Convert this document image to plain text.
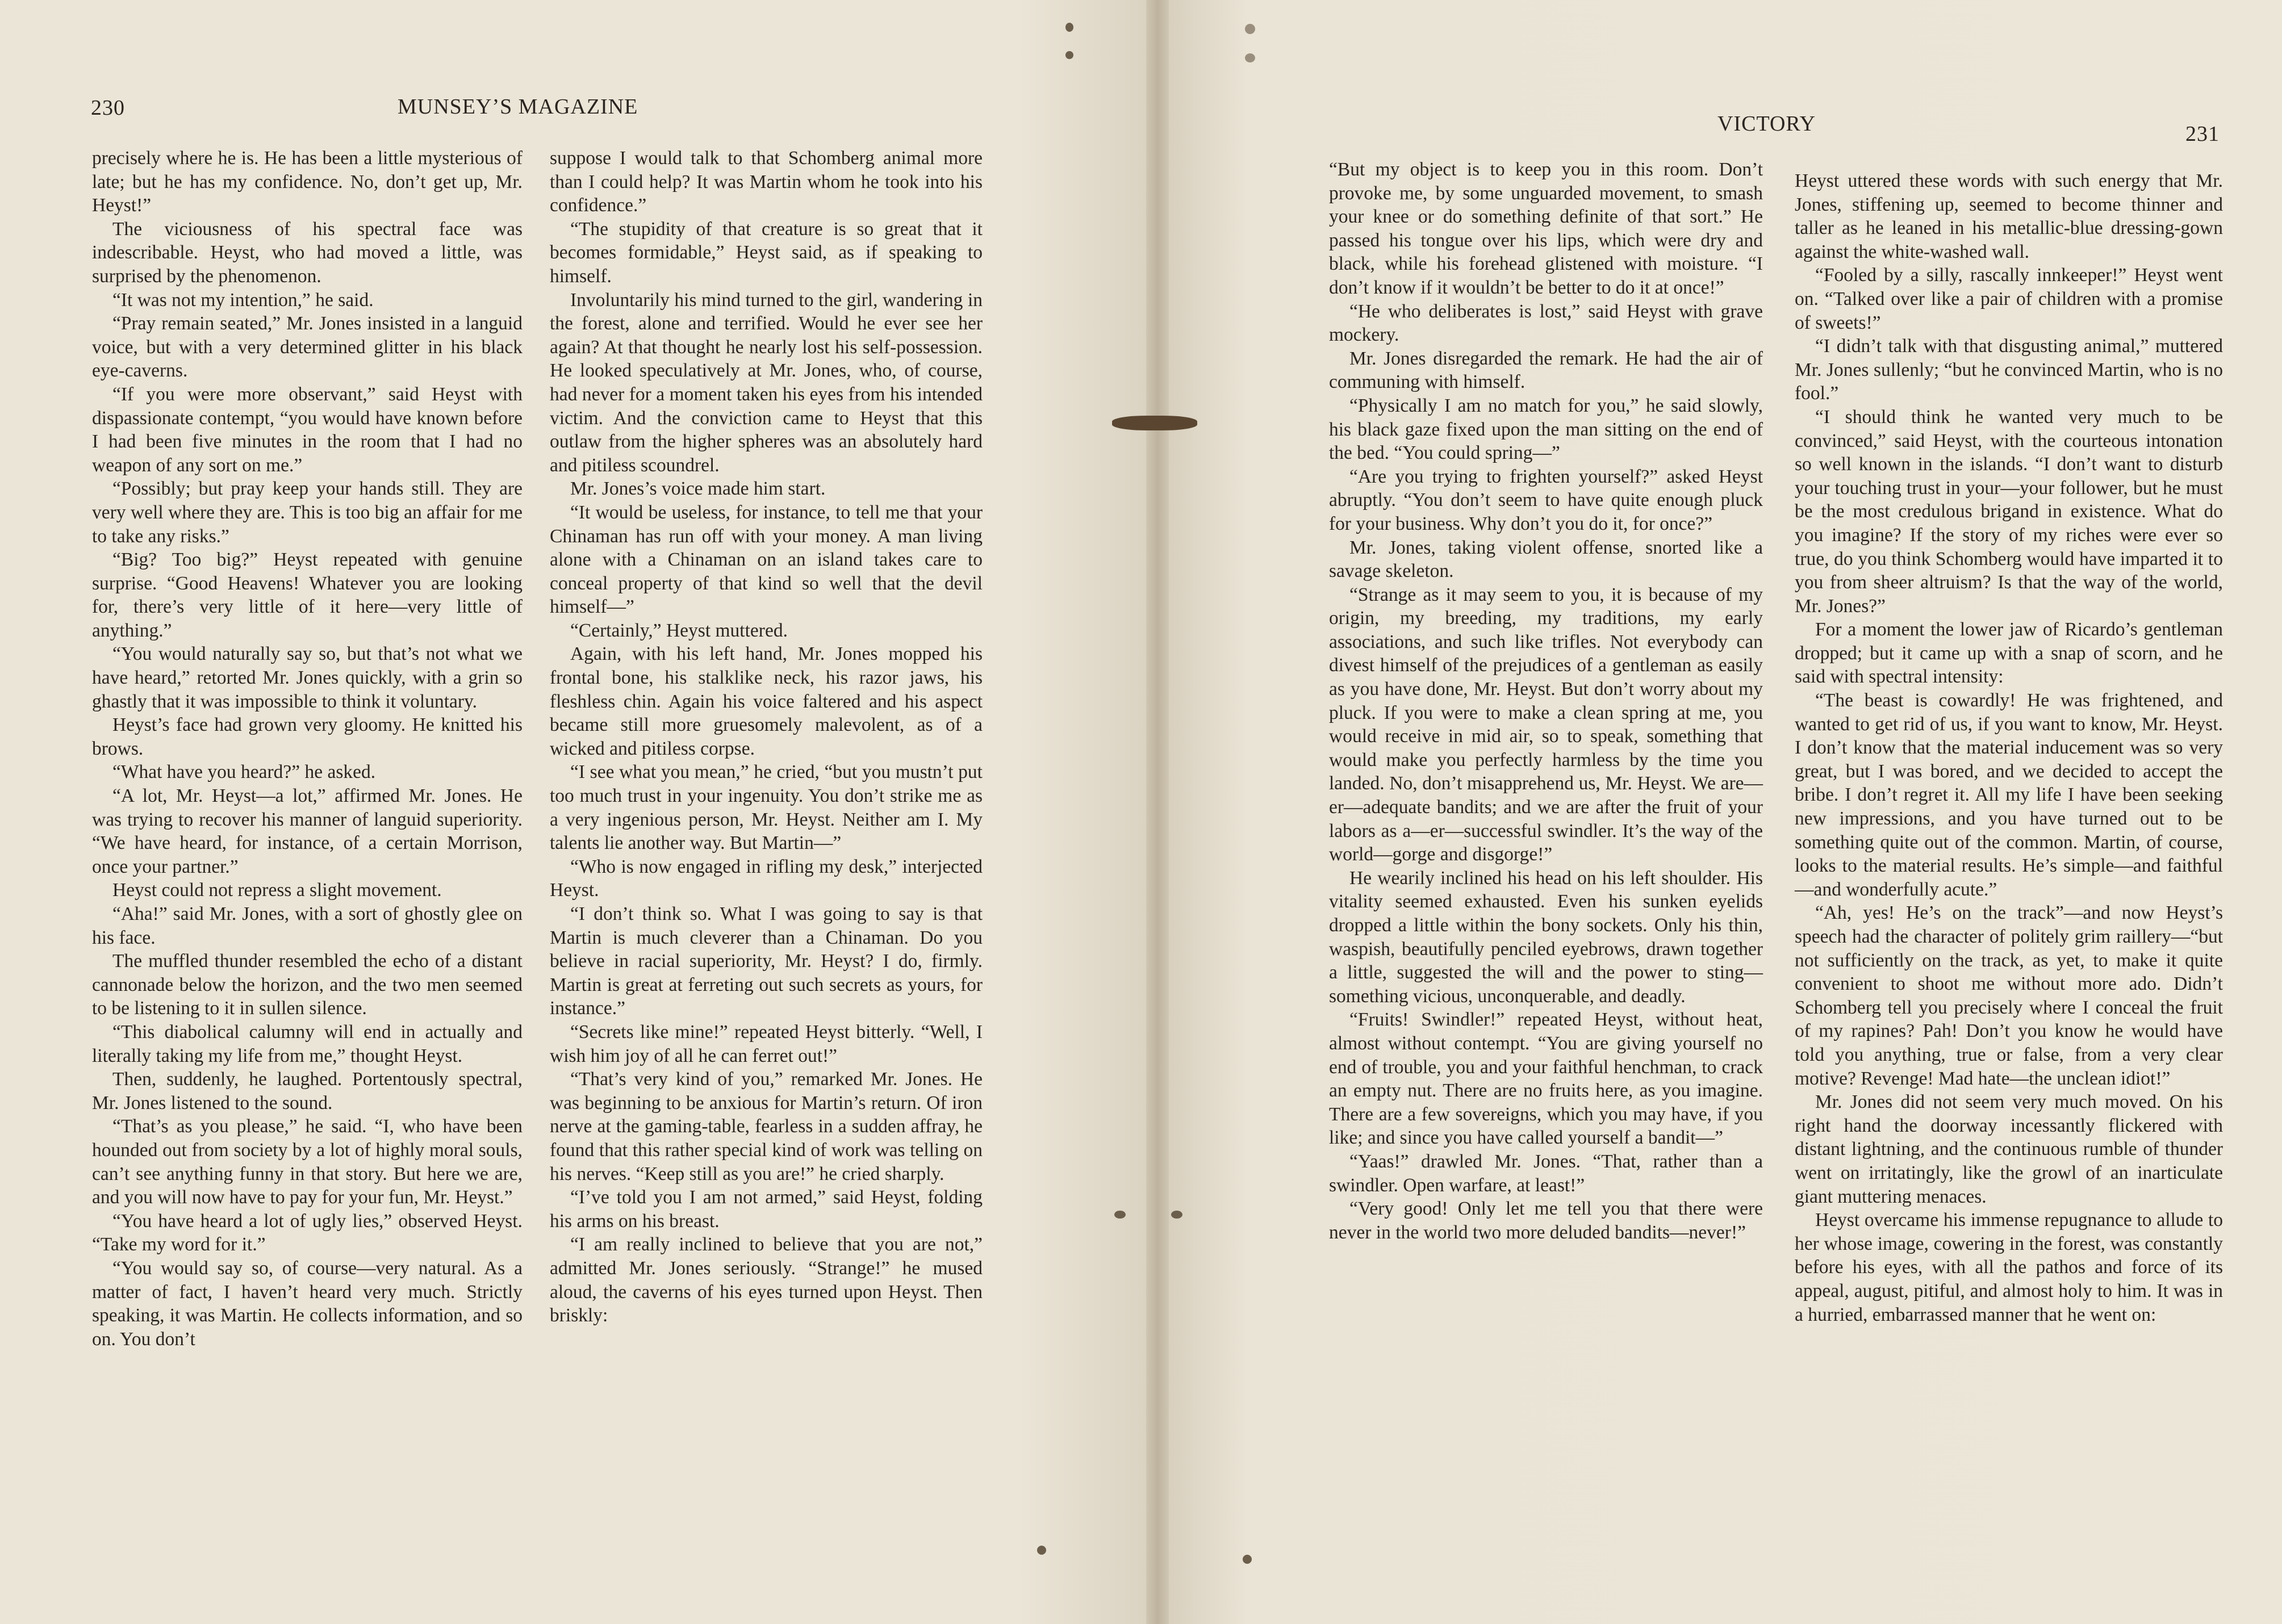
230	MUNSEY’S MAGAZINE
VICTORY	231

precisely where he is. He has been a little mysterious of late; but he has my confidence. No, don’t get up, Mr. Heyst!”

The viciousness of his spectral face was indescribable. Heyst, who had moved a little, was surprised by the phenomenon.

“It was not my intention,” he said.

“Pray remain seated,” Mr. Jones insisted in a languid voice, but with a very determined glitter in his black eye-caverns.

“If you were more observant,” said Heyst with dispassionate contempt, “you would have known before I had been five minutes in the room that I had no weapon of any sort on me.”

“Possibly; but pray keep your hands still. They are very well where they are. This is too big an affair for me to take any risks.”

“Big? Too big?” Heyst repeated with genuine surprise. “Good Heavens! Whatever you are looking for, there’s very little of it here—very little of anything.”

“You would naturally say so, but that’s not what we have heard,” retorted Mr. Jones quickly, with a grin so ghastly that it was impossible to think it voluntary.

Heyst’s face had grown very gloomy. He knitted his brows.

“What have you heard?” he asked.

“A lot, Mr. Heyst—a lot,” affirmed Mr. Jones. He was trying to recover his manner of languid superiority. “We have heard, for instance, of a certain Morrison, once your partner.”

Heyst could not repress a slight movement.

“Aha!” said Mr. Jones, with a sort of ghostly glee on his face.

The muffled thunder resembled the echo of a distant cannonade below the horizon, and the two men seemed to be listening to it in sullen silence.

“This diabolical calumny will end in actually and literally taking my life from me,” thought Heyst.

Then, suddenly, he laughed. Portentously spectral, Mr. Jones listened to the sound.

“That’s as you please,” he said. “I, who have been hounded out from society by a lot of highly moral souls, can’t see anything funny in that story. But here we are, and you will now have to pay for your fun, Mr. Heyst.”

“You have heard a lot of ugly lies,” observed Heyst. “Take my word for it.”

“You would say so, of course—very natural. As a matter of fact, I haven’t heard very much. Strictly speaking, it was Martin. He collects information, and so on. You don’t

suppose I would talk to that Schomberg animal more than I could help? It was Martin whom he took into his confidence.”

“The stupidity of that creature is so great that it becomes formidable,” Heyst said, as if speaking to himself.

Involuntarily his mind turned to the girl, wandering in the forest, alone and terrified. Would he ever see her again? At that thought he nearly lost his self-possession. He looked speculatively at Mr. Jones, who, of course, had never for a moment taken his eyes from his intended victim. And the conviction came to Heyst that this outlaw from the higher spheres was an absolutely hard and pitiless scoundrel.

Mr. Jones’s voice made him start.

“It would be useless, for instance, to tell me that your Chinaman has run off with your money. A man living alone with a Chinaman on an island takes care to conceal property of that kind so well that the devil himself—”

“Certainly,” Heyst muttered.

Again, with his left hand, Mr. Jones mopped his frontal bone, his stalklike neck, his razor jaws, his fleshless chin. Again his voice faltered and his aspect became still more gruesomely malevolent, as of a wicked and pitiless corpse.

“I see what you mean,” he cried, “but you mustn’t put too much trust in your ingenuity. You don’t strike me as a very ingenious person, Mr. Heyst. Neither am I. My talents lie another way. But Martin—”

“Who is now engaged in rifling my desk,” interjected Heyst.

“I don’t think so. What I was going to say is that Martin is much cleverer than a Chinaman. Do you believe in racial superiority, Mr. Heyst? I do, firmly. Martin is great at ferreting out such secrets as yours, for instance.”

“Secrets like mine!” repeated Heyst bitterly. “Well, I wish him joy of all he can ferret out!”

“That’s very kind of you,” remarked Mr. Jones. He was beginning to be anxious for Martin’s return. Of iron nerve at the gaming-table, fearless in a sudden affray, he found that this rather special kind of work was telling on his nerves. “Keep still as you are!” he cried sharply.

“I’ve told you I am not armed,” said Heyst, folding his arms on his breast.

“I am really inclined to believe that you are not,” admitted Mr. Jones seriously. “Strange!” he mused aloud, the caverns of his eyes turned upon Heyst. Then briskly:

“But my object is to keep you in this room. Don’t provoke me, by some unguarded movement, to smash your knee or do something definite of that sort.” He passed his tongue over his lips, which were dry and black, while his forehead glistened with moisture. “I don’t know if it wouldn’t be better to do it at once!”

“He who deliberates is lost,” said Heyst with grave mockery.

Mr. Jones disregarded the remark. He had the air of communing with himself.

“Physically I am no match for you,” he said slowly, his black gaze fixed upon the man sitting on the end of the bed. “You could spring—”

“Are you trying to frighten yourself?” asked Heyst abruptly. “You don’t seem to have quite enough pluck for your business. Why don’t you do it, for once?”

Mr. Jones, taking violent offense, snorted like a savage skeleton.

“Strange as it may seem to you, it is because of my origin, my breeding, my traditions, my early associations, and such like trifles. Not everybody can divest himself of the prejudices of a gentleman as easily as you have done, Mr. Heyst. But don’t worry about my pluck. If you were to make a clean spring at me, you would receive in mid air, so to speak, something that would make you perfectly harmless by the time you landed. No, don’t misapprehend us, Mr. Heyst. We are—er—adequate bandits; and we are after the fruit of your labors as a—er—successful swindler. It’s the way of the world—gorge and disgorge!”

He wearily inclined his head on his left shoulder. His vitality seemed exhausted. Even his sunken eyelids dropped a little within the bony sockets. Only his thin, waspish, beautifully penciled eyebrows, drawn together a little, suggested the will and the power to sting—something vicious, unconquerable, and deadly.

“Fruits! Swindler!” repeated Heyst, without heat, almost without contempt. “You are giving yourself no end of trouble, you and your faithful henchman, to crack an empty nut. There are no fruits here, as you imagine. There are a few sovereigns, which you may have, if you like; and since you have called yourself a bandit—”

“Yaas!” drawled Mr. Jones. “That, rather than a swindler. Open warfare, at least!”

“Very good! Only let me tell you that there were never in the world two more deluded bandits—never!”

Heyst uttered these words with such energy that Mr. Jones, stiffening up, seemed to become thinner and taller as he leaned in his metallic-blue dressing-gown against the white-washed wall.

“Fooled by a silly, rascally innkeeper!” Heyst went on. “Talked over like a pair of children with a promise of sweets!”

“I didn’t talk with that disgusting animal,” muttered Mr. Jones sullenly; “but he convinced Martin, who is no fool.”

“I should think he wanted very much to be convinced,” said Heyst, with the courteous intonation so well known in the islands. “I don’t want to disturb your touching trust in your—your follower, but he must be the most credulous brigand in existence. What do you imagine? If the story of my riches were ever so true, do you think Schomberg would have imparted it to you from sheer altruism? Is that the way of the world, Mr. Jones?”

For a moment the lower jaw of Ricardo’s gentleman dropped; but it came up with a snap of scorn, and he said with spectral intensity:

“The beast is cowardly! He was frightened, and wanted to get rid of us, if you want to know, Mr. Heyst. I don’t know that the material inducement was so very great, but I was bored, and we decided to accept the bribe. I don’t regret it. All my life I have been seeking new impressions, and you have turned out to be something quite out of the common. Martin, of course, looks to the material results. He’s simple—and faithful—and wonderfully acute.”

“Ah, yes! He’s on the track”—and now Heyst’s speech had the character of politely grim raillery—“but not sufficiently on the track, as yet, to make it quite convenient to shoot me without more ado. Didn’t Schomberg tell you precisely where I conceal the fruit of my rapines? Pah! Don’t you know he would have told you anything, true or false, from a very clear motive? Revenge! Mad hate—the unclean idiot!”

Mr. Jones did not seem very much moved. On his right hand the doorway incessantly flickered with distant lightning, and the continuous rumble of thunder went on irritatingly, like the growl of an inarticulate giant muttering menaces.

Heyst overcame his immense repugnance to allude to her whose image, cowering in the forest, was constantly before his eyes, with all the pathos and force of its appeal, august, pitiful, and almost holy to him. It was in a hurried, embarrassed manner that he went on:
